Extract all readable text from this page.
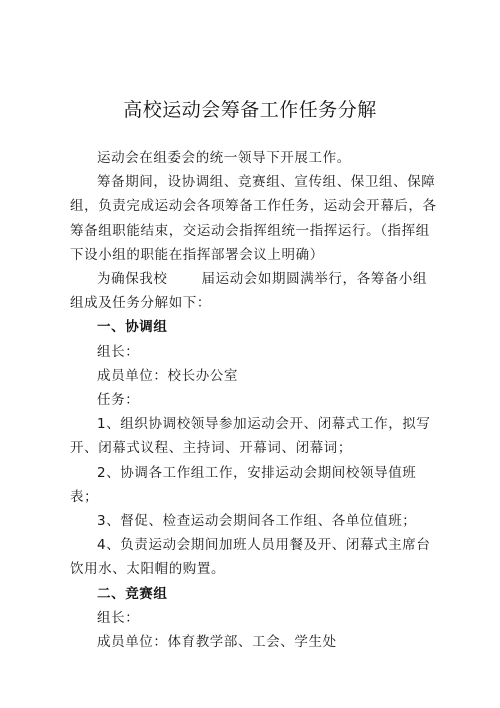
高校运动会筹备工作任务分解

运动会在组委会的统一领导下开展工作。

筹备期间，设协调组、竞赛组、宣传组、保卫组、保障组，负责完成运动会各项筹备工作任务，运动会开幕后，各筹备组职能结束，交运动会指挥组统一指挥运行。（指挥组下设小组的职能在指挥部署会议上明确）

为确保我校	届运动会如期圆满举行，各筹备小组组成及任务分解如下：

一、协调组

组长：

成员单位：校长办公室

任务：

1、组织协调校领导参加运动会开、闭幕式工作，拟写开、闭幕式议程、主持词、开幕词、闭幕词；

2、协调各工作组工作，安排运动会期间校领导值班表；

3、督促、检查运动会期间各工作组、各单位值班；

4、负责运动会期间加班人员用餐及开、闭幕式主席台饮用水、太阳帽的购置。

二、竞赛组

组长：

成员单位：体育教学部、工会、学生处
